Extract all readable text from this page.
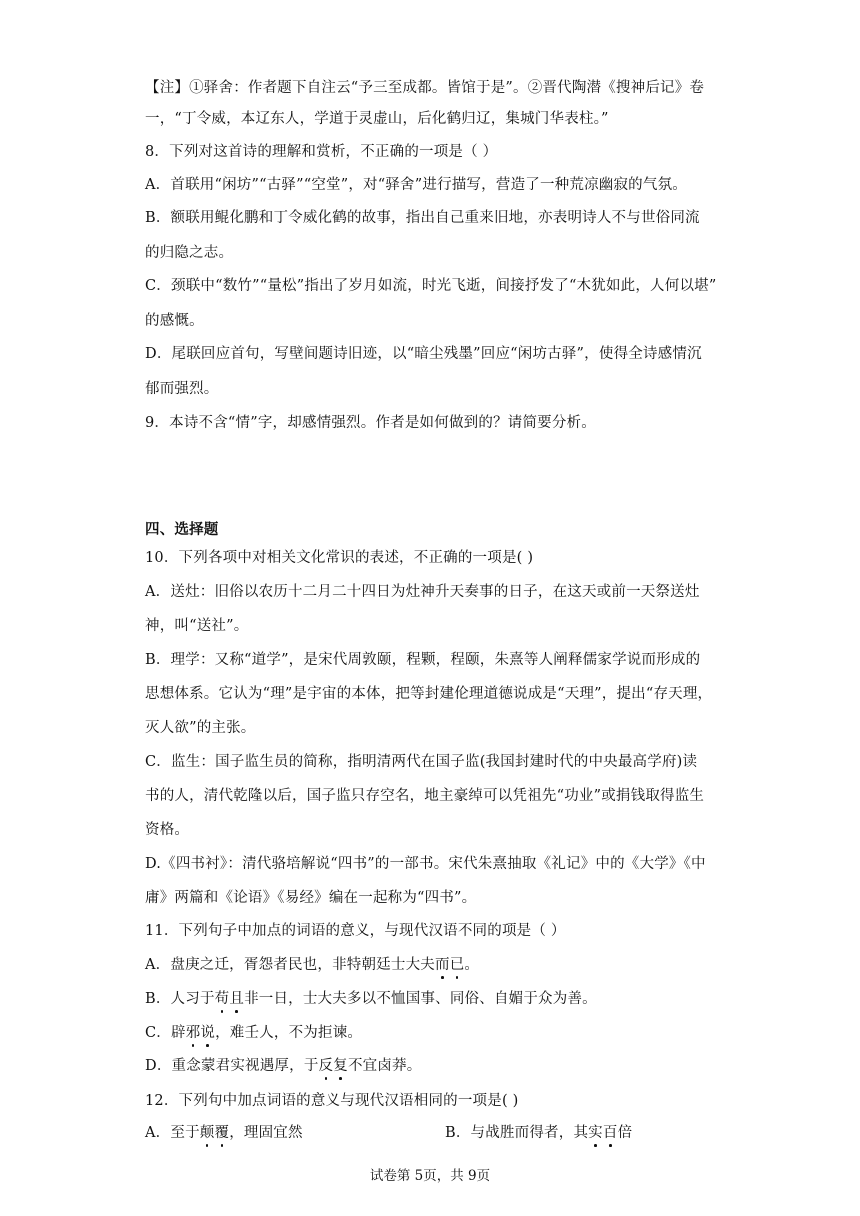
【注】①驿舍：作者题下自注云“予三至成都。皆馆于是”。②晋代陶潜《搜神后记》卷
一，“丁令威，本辽东人，学道于灵虚山，后化鹤归辽，集城门华表柱。”
8．下列对这首诗的理解和赏析，不正确的一项是（ ）
A．首联用“闲坊”“古驿”“空堂”，对“驿舍”进行描写，营造了一种荒凉幽寂的气氛。
B．额联用鲲化鹏和丁令威化鹤的故事，指出自己重来旧地，亦表明诗人不与世俗同流
的归隐之志。
C．颈联中“数竹”“量松”指出了岁月如流，时光飞逝，间接抒发了“木犹如此，人何以堪”
的感慨。
D．尾联回应首句，写壁间题诗旧迹，以“暗尘残墨”回应“闲坊古驿”，使得全诗感情沉
郁而强烈。
9．本诗不含“情”字，却感情强烈。作者是如何做到的？请简要分析。
四、选择题
10．下列各项中对相关文化常识的表述，不正确的一项是( )
A．送灶：旧俗以农历十二月二十四日为灶神升天奏事的日子，在这天或前一天祭送灶
神，叫“送社”。
B．理学：又称“道学”，是宋代周敦颐，程颗，程颐，朱熹等人阐释儒家学说而形成的
思想体系。它认为“理”是宇宙的本体，把等封建伦理道德说成是“天理”，提出“存天理，
灭人欲”的主张。
C．监生：国子监生员的简称，指明清两代在国子监(我国封建时代的中央最高学府)读
书的人，清代乾隆以后，国子监只存空名，地主豪绰可以凭祖先“功业”或捐钱取得监生
资格。
D.《四书衬》：清代骆培解说“四书”的一部书。宋代朱熹抽取《礼记》中的《大学》《中
庸》两篇和《论语》《易经》编在一起称为“四书”。
11．下列句子中加点的词语的意义，与现代汉语不同的项是（ ）
A．盘庚之迁，胥怨者民也，非特朝廷士大夫而已。
B．人习于苟且非一日，士大夫多以不恤国事、同俗、自媚于众为善。
C．辟邪说，难壬人，不为拒谏。
D．重念蒙君实视遇厚，于反复不宜卤莽。
12．下列句中加点词语的意义与现代汉语相同的一项是( )
A．至于颠覆，理固宜然	B．与战胜而得者，其实百倍
试卷第 5页，共 9页
